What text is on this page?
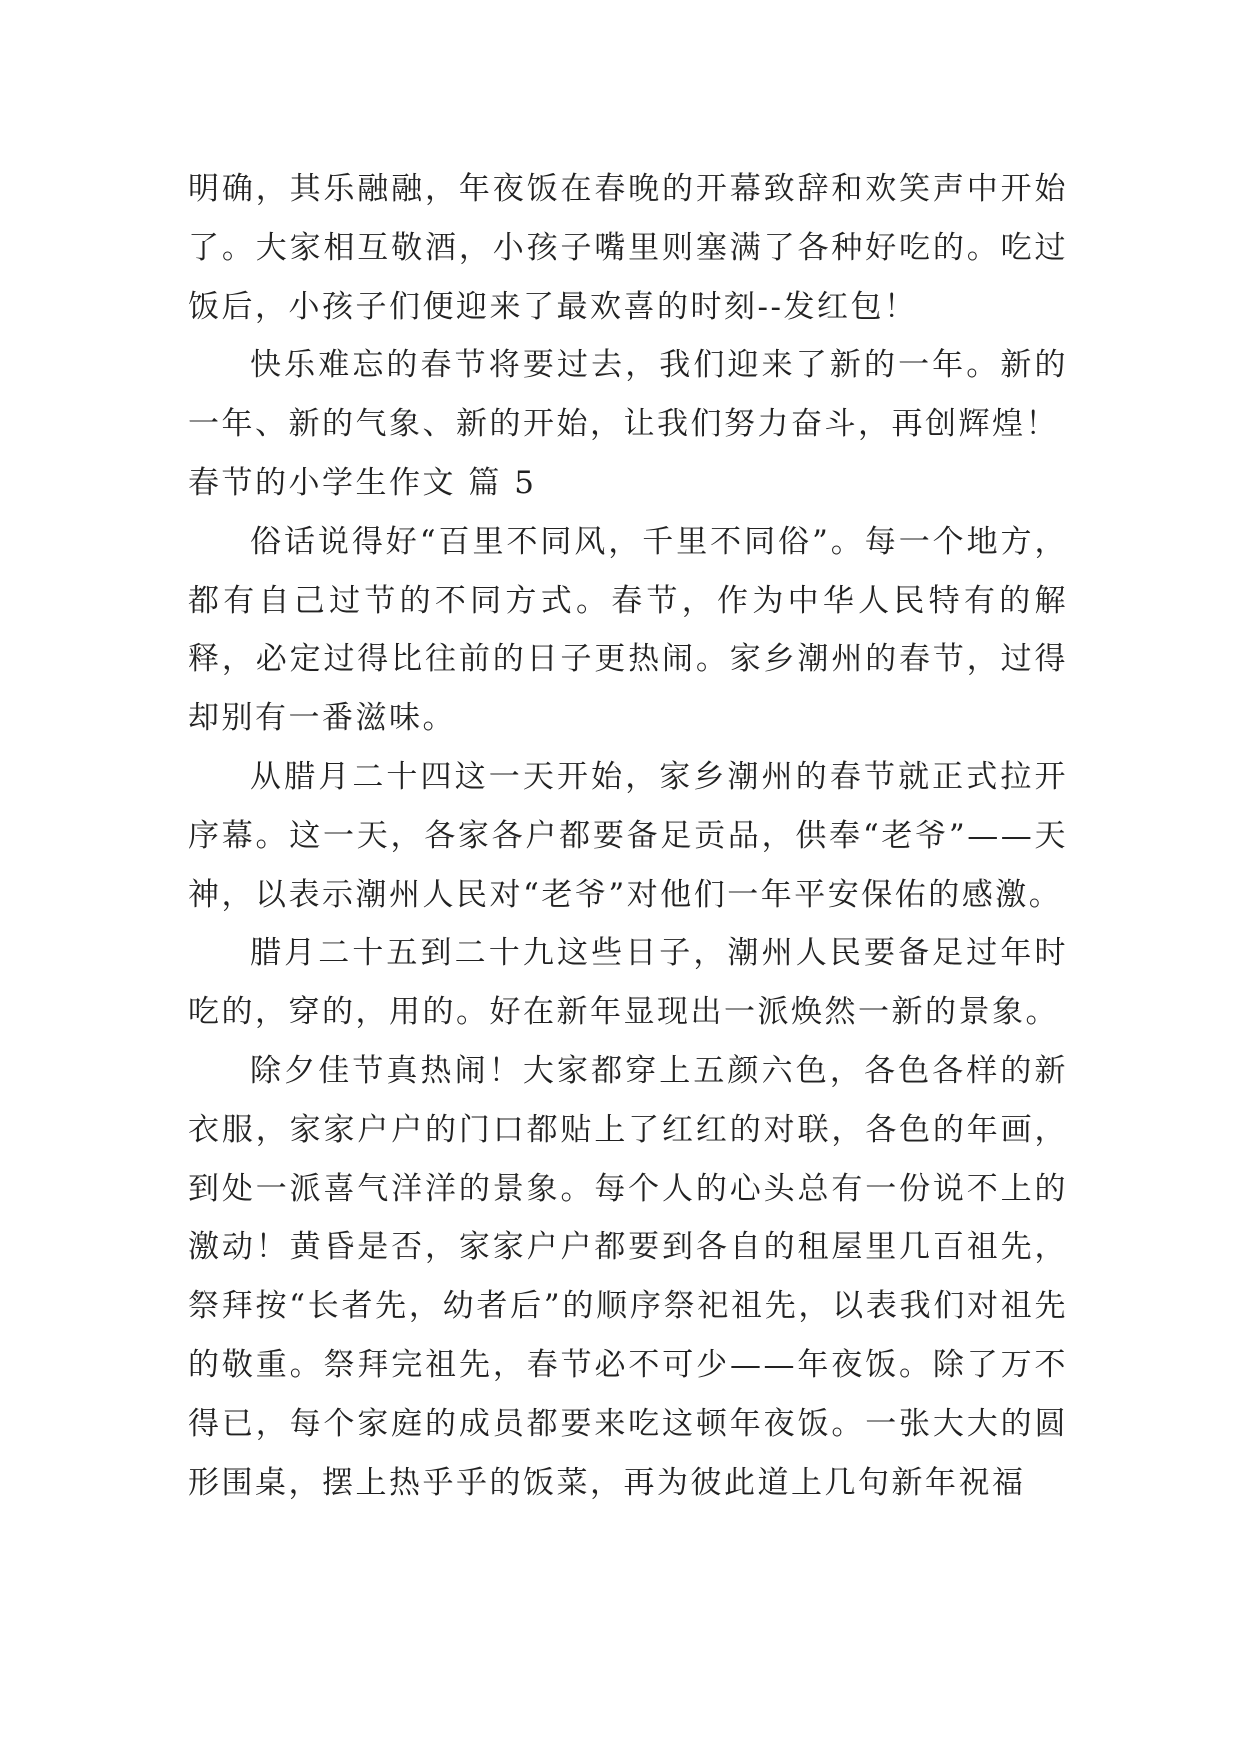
明确，其乐融融，年夜饭在春晚的开幕致辞和欢笑声中开始了。大家相互敬酒，小孩子嘴里则塞满了各种好吃的。吃过饭后，小孩子们便迎来了最欢喜的时刻--发红包！

快乐难忘的春节将要过去，我们迎来了新的一年。新的一年、新的气象、新的开始，让我们努力奋斗，再创辉煌！

春节的小学生作文 篇 5

俗话说得好“百里不同风，千里不同俗”。每一个地方，都有自己过节的不同方式。春节，作为中华人民特有的解释，必定过得比往前的日子更热闹。家乡潮州的春节，过得却别有一番滋味。

从腊月二十四这一天开始，家乡潮州的春节就正式拉开序幕。这一天，各家各户都要备足贡品，供奉“老爷”——天神，以表示潮州人民对“老爷”对他们一年平安保佑的感激。

腊月二十五到二十九这些日子，潮州人民要备足过年时吃的，穿的，用的。好在新年显现出一派焕然一新的景象。

除夕佳节真热闹！大家都穿上五颜六色，各色各样的新衣服，家家户户的门口都贴上了红红的对联，各色的年画，到处一派喜气洋洋的景象。每个人的心头总有一份说不上的激动！黄昏是否，家家户户都要到各自的租屋里几百祖先，祭拜按“长者先，幼者后”的顺序祭祀祖先，以表我们对祖先的敬重。祭拜完祖先，春节必不可少——年夜饭。除了万不得已，每个家庭的成员都要来吃这顿年夜饭。一张大大的圆形围桌，摆上热乎乎的饭菜，再为彼此道上几句新年祝福
